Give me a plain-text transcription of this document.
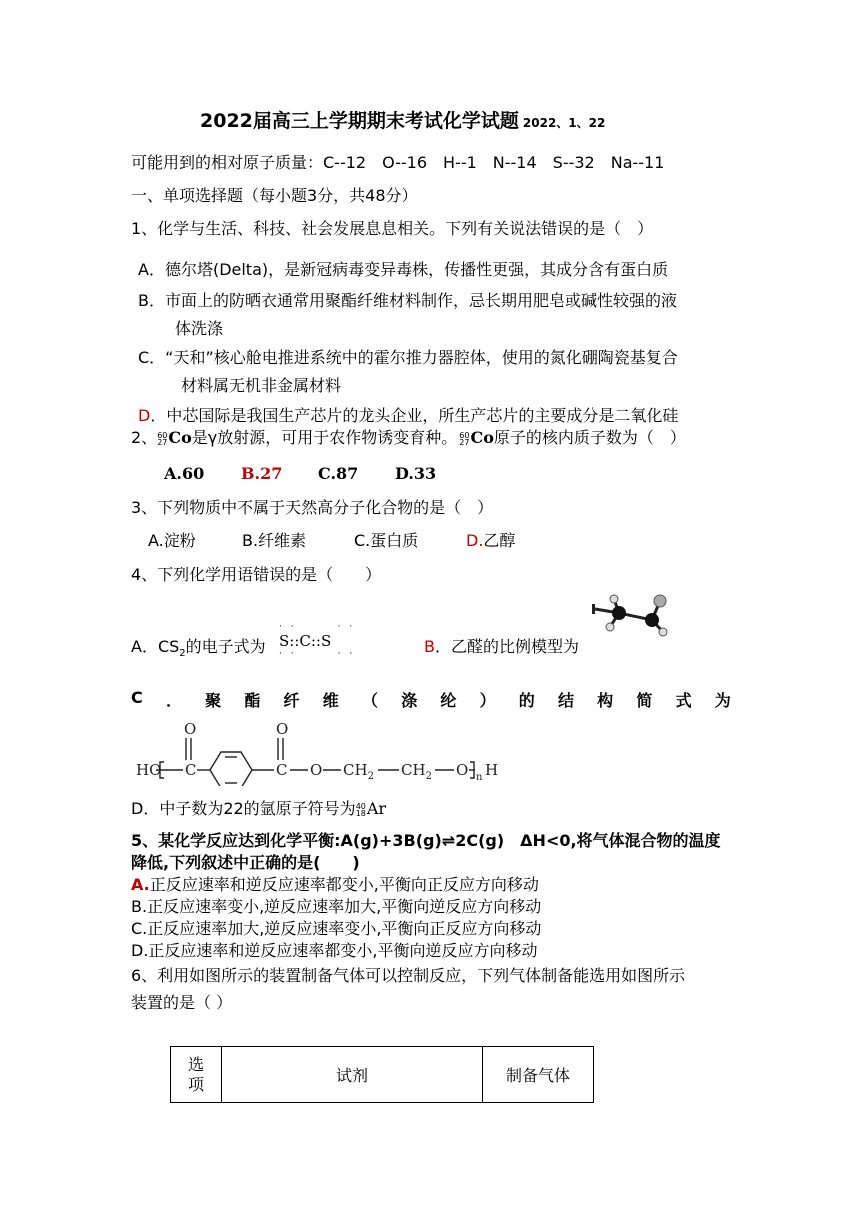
2022届高三上学期期末考试化学试题 2022、1、22
可能用到的相对原子质量：C--12　O--16　H--1　N--14　S--32　Na--11
一、单项选择题（每小题3分，共48分）
1、化学与生活、科技、社会发展息息相关。下列有关说法错误的是（　）
A．德尔塔(Delta)，是新冠病毒变异毒株，传播性更强，其成分含有蛋白质
B．市面上的防晒衣通常用聚酯纤维材料制作，忌长期用肥皂或碱性较强的液
体洗涤
C．“天和”核心舱电推进系统中的霍尔推力器腔体，使用的氮化硼陶瓷基复合
材料属无机非金属材料
D．中芯国际是我国生产芯片的龙头企业，所生产芯片的主要成分是二氧化硅
2、 60
27 Co是γ放射源，可用于农作物诱变育种。 60
27 Co原子的核内质子数为（　）
A.60 B.27 C.87 D.33
3、下列物质中不属于天然高分子化合物的是（　）
A.淀粉	B.纤维素	C.蛋白质	D.乙醇
4、下列化学用语错误的是（　　）
A．$CS_2$的电子式为
· ·       · ·
S::C::S
· ·       · ·	B．乙醛的比例模型为
C ． 聚 酯 纤 维 （ 涤 纶 ） 的 结 构 简 式 为
HO C
O	O
C O $CH_2$ $CH_2$ O n H
D．中子数为22的氩原子符号为 40
18 Ar
5、某化学反应达到化学平衡:A(g)+3B(g)⇌2C(g)　ΔH<0,将气体混合物的温度
降低,下列叙述中正确的是(　　)
A.正反应速率和逆反应速率都变小,平衡向正反应方向移动
B.正反应速率变小,逆反应速率加大,平衡向逆反应方向移动
C.正反应速率加大,逆反应速率变小,平衡向正反应方向移动
D.正反应速率和逆反应速率都变小,平衡向逆反应方向移动
6、利用如图所示的装置制备气体可以控制反应，下列气体制备能选用如图所示
装置的是（ ）
选
项	试剂	制备气体
